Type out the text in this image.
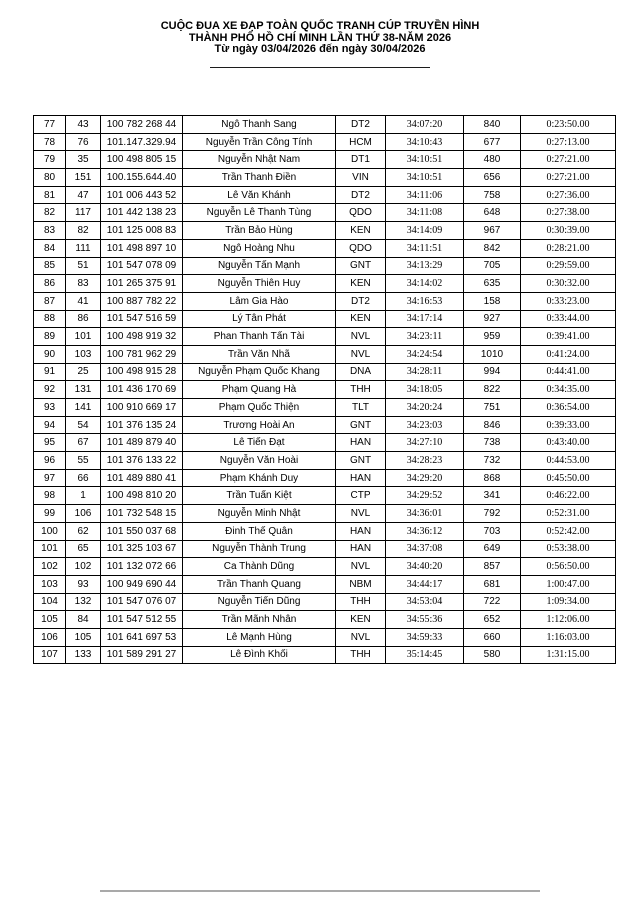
CUỘC ĐUA XE ĐẠP TOÀN QUỐC TRANH CÚP TRUYỀN HÌNH
THÀNH PHỐ HỒ CHÍ MINH LẦN THỨ 38-NĂM 2026
Từ ngày 03/04/2026 đến ngày 30/04/2026
77	43	100 782 268 44	Ngô Thanh Sang	DT2	34:07:20	840	0:23:50.00
78	76	101.147.329.94	Nguyễn Trần Công Tính	HCM	34:10:43	677	0:27:13.00
79	35	100 498 805 15	Nguyễn Nhật Nam	DT1	34:10:51	480	0:27:21.00
80	151	100.155.644.40	Trần Thanh Điền	VIN	34:10:51	656	0:27:21.00
81	47	101 006 443 52	Lê Văn Khánh	DT2	34:11:06	758	0:27:36.00
82	117	101 442 138 23	Nguyễn Lê Thanh Tùng	QDO	34:11:08	648	0:27:38.00
83	82	101 125 008 83	Trần Bảo Hùng	KEN	34:14:09	967	0:30:39.00
84	111	101 498 897 10	Ngô Hoàng Nhu	QDO	34:11:51	842	0:28:21.00
85	51	101 547 078 09	Nguyễn Tấn Mạnh	GNT	34:13:29	705	0:29:59.00
86	83	101 265 375 91	Nguyễn Thiên Huy	KEN	34:14:02	635	0:30:32.00
87	41	100 887 782 22	Lâm Gia Hào	DT2	34:16:53	158	0:33:23.00
88	86	101 547 516 59	Lý Tân Phát	KEN	34:17:14	927	0:33:44.00
89	101	100 498 919 32	Phan Thanh Tấn Tài	NVL	34:23:11	959	0:39:41.00
90	103	100 781 962 29	Trần Văn Nhã	NVL	34:24:54	1010	0:41:24.00
91	25	100 498 915 28	Nguyễn Phạm Quốc Khang	DNA	34:28:11	994	0:44:41.00
92	131	101 436 170 69	Phạm Quang Hà	THH	34:18:05	822	0:34:35.00
93	141	100 910 669 17	Phạm Quốc Thiện	TLT	34:20:24	751	0:36:54.00
94	54	101 376 135 24	Trương Hoài An	GNT	34:23:03	846	0:39:33.00
95	67	101 489 879 40	Lê Tiến Đạt	HAN	34:27:10	738	0:43:40.00
96	55	101 376 133 22	Nguyễn Văn Hoài	GNT	34:28:23	732	0:44:53.00
97	66	101 489 880 41	Phạm Khánh Duy	HAN	34:29:20	868	0:45:50.00
98	1	100 498 810 20	Trần Tuấn Kiệt	CTP	34:29:52	341	0:46:22.00
99	106	101 732 548 15	Nguyễn Minh Nhật	NVL	34:36:01	792	0:52:31.00
100	62	101 550 037 68	Đinh Thế Quân	HAN	34:36:12	703	0:52:42.00
101	65	101 325 103 67	Nguyễn Thành Trung	HAN	34:37:08	649	0:53:38.00
102	102	101 132 072 66	Ca Thành Dũng	NVL	34:40:20	857	0:56:50.00
103	93	100 949 690 44	Trần Thanh Quang	NBM	34:44:17	681	1:00:47.00
104	132	101 547 076 07	Nguyễn Tiến Dũng	THH	34:53:04	722	1:09:34.00
105	84	101 547 512 55	Trần Mãnh Nhân	KEN	34:55:36	652	1:12:06.00
106	105	101 641 697 53	Lê Mạnh Hùng	NVL	34:59:33	660	1:16:03.00
107	133	101 589 291 27	Lê Đình Khối	THH	35:14:45	580	1:31:15.00
